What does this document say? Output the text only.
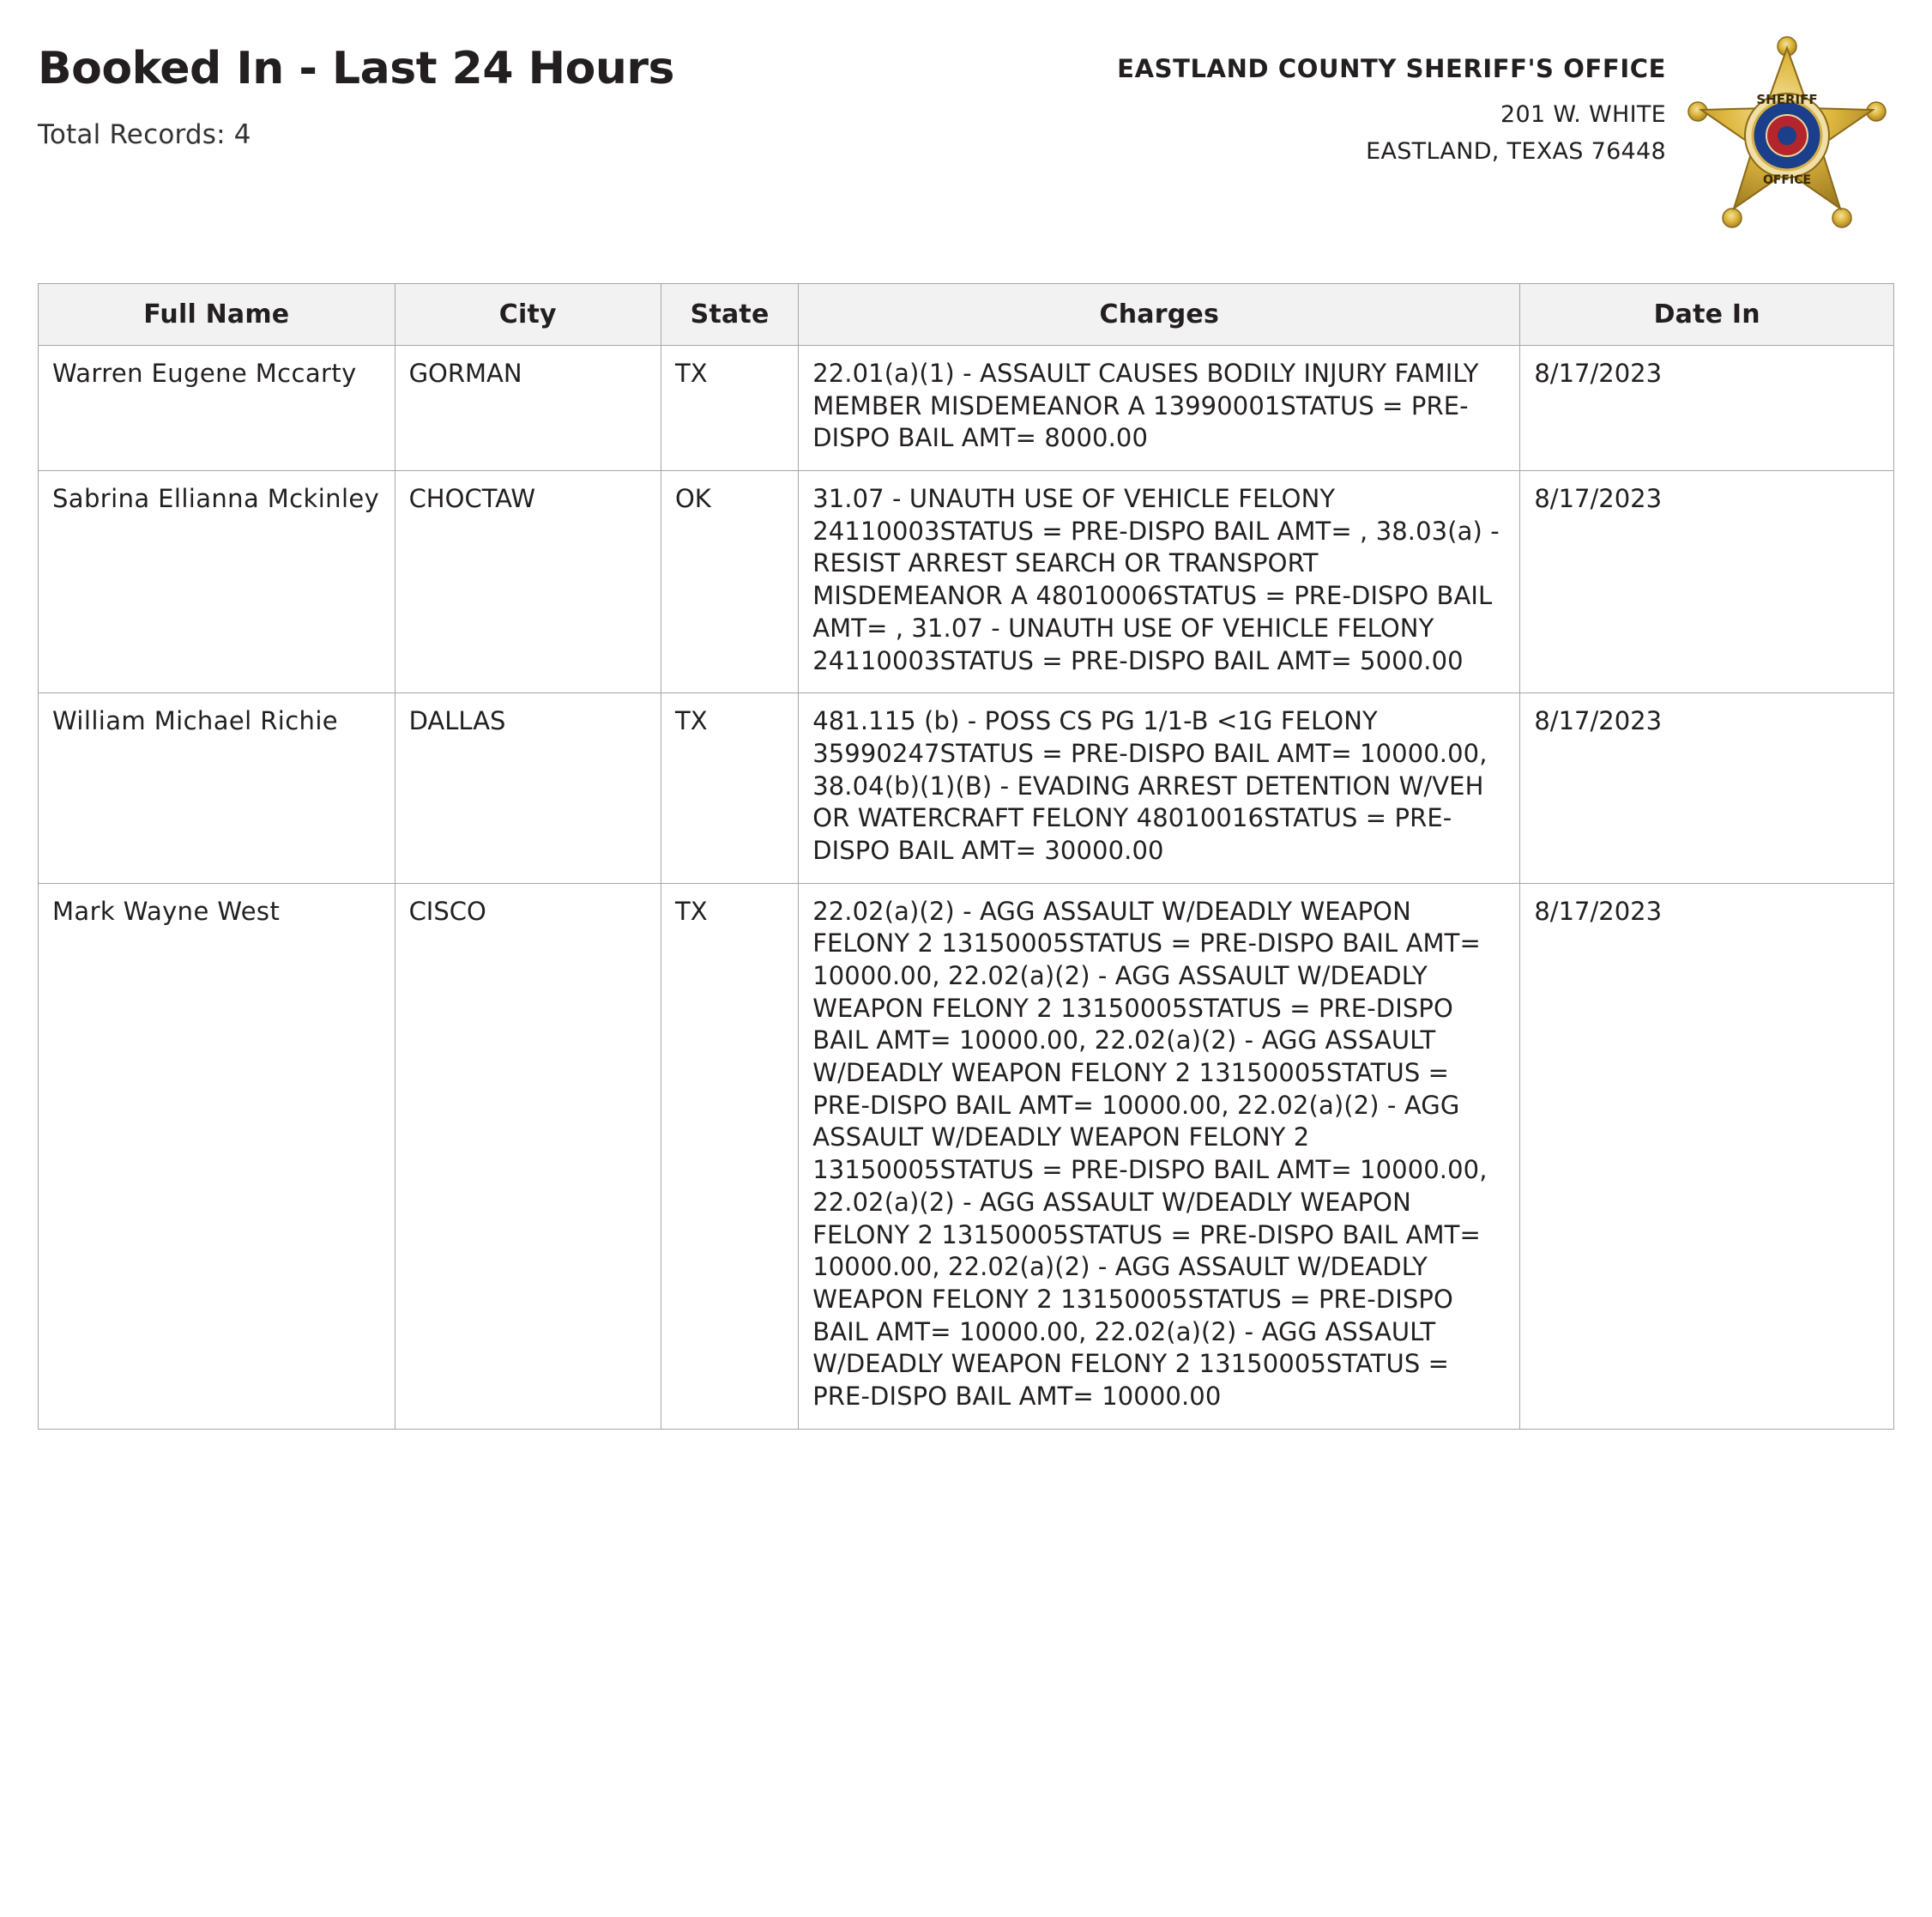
Booked In - Last 24 Hours
Total Records: 4
EASTLAND COUNTY SHERIFF'S OFFICE
201 W. WHITE
EASTLAND, TEXAS 76448
SHERIFF
OFFICE
Full Name	City	State	Charges	Date In
Warren Eugene Mccarty	GORMAN	TX	22.01(a)(1) - ASSAULT CAUSES BODILY INJURY FAMILY MEMBER MISDEMEANOR A 13990001STATUS = PRE-DISPO BAIL AMT= 8000.00	8/17/2023
Sabrina Ellianna Mckinley	CHOCTAW	OK	31.07 - UNAUTH USE OF VEHICLE FELONY 24110003STATUS = PRE-DISPO BAIL AMT= , 38.03(a) - RESIST ARREST SEARCH OR TRANSPORT MISDEMEANOR A 48010006STATUS = PRE-DISPO BAIL AMT= , 31.07 - UNAUTH USE OF VEHICLE FELONY 24110003STATUS = PRE-DISPO BAIL AMT= 5000.00	8/17/2023
William Michael Richie	DALLAS	TX	481.115 (b) - POSS CS PG 1/1-B <1G FELONY 35990247STATUS = PRE-DISPO BAIL AMT= 10000.00, 38.04(b)(1)(B) - EVADING ARREST DETENTION W/VEH OR WATERCRAFT FELONY 48010016STATUS = PRE-DISPO BAIL AMT= 30000.00	8/17/2023
Mark Wayne West	CISCO	TX	22.02(a)(2) - AGG ASSAULT W/DEADLY WEAPON FELONY 2 13150005STATUS = PRE-DISPO BAIL AMT= 10000.00, 22.02(a)(2) - AGG ASSAULT W/DEADLY WEAPON FELONY 2 13150005STATUS = PRE-DISPO BAIL AMT= 10000.00, 22.02(a)(2) - AGG ASSAULT W/DEADLY WEAPON FELONY 2 13150005STATUS = PRE-DISPO BAIL AMT= 10000.00, 22.02(a)(2) - AGG ASSAULT W/DEADLY WEAPON FELONY 2 13150005STATUS = PRE-DISPO BAIL AMT= 10000.00, 22.02(a)(2) - AGG ASSAULT W/DEADLY WEAPON FELONY 2 13150005STATUS = PRE-DISPO BAIL AMT= 10000.00, 22.02(a)(2) - AGG ASSAULT W/DEADLY WEAPON FELONY 2 13150005STATUS = PRE-DISPO BAIL AMT= 10000.00, 22.02(a)(2) - AGG ASSAULT W/DEADLY WEAPON FELONY 2 13150005STATUS = PRE-DISPO BAIL AMT= 10000.00	8/17/2023
